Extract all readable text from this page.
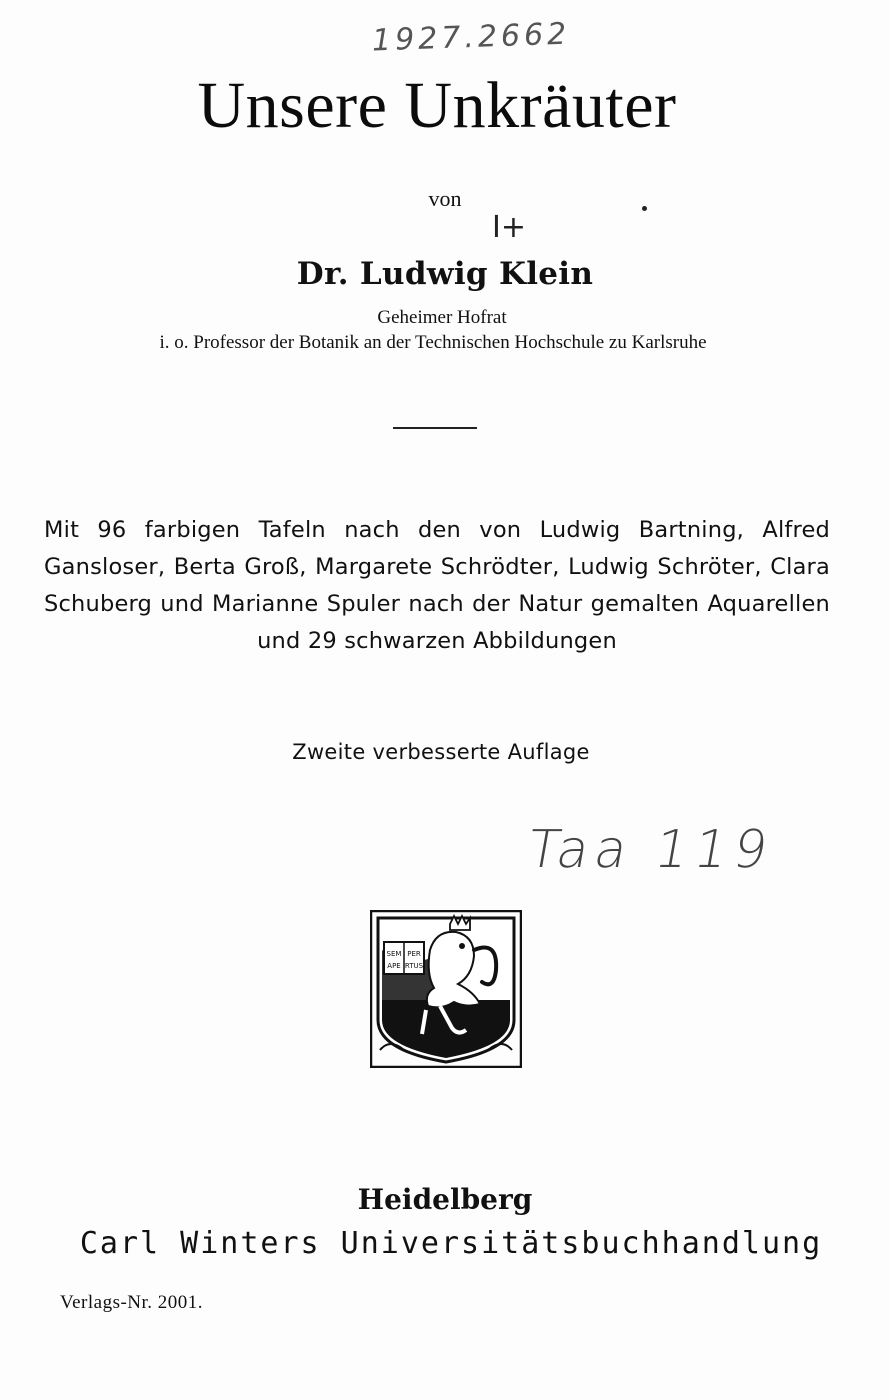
1927.2662
Unsere Unkräuter
von
I+
Dr. Ludwig Klein
Geheimer Hofrat
i. o. Professor der Botanik an der Technischen Hochschule zu Karlsruhe
Mit 96 farbigen Tafeln nach den von Ludwig Bartning, Alfred Gansloser, Berta Groß, Margarete Schrödter, Ludwig Schröter, Clara Schuberg und Marianne Spuler nach der Natur gemalten Aquarellen und 29 schwarzen Abbildungen
Zweite verbesserte Auflage
Taa 119
SEM PER
APE RTUS
Heidelberg
Carl Winters Universitätsbuchhandlung
Verlags-Nr. 2001.
